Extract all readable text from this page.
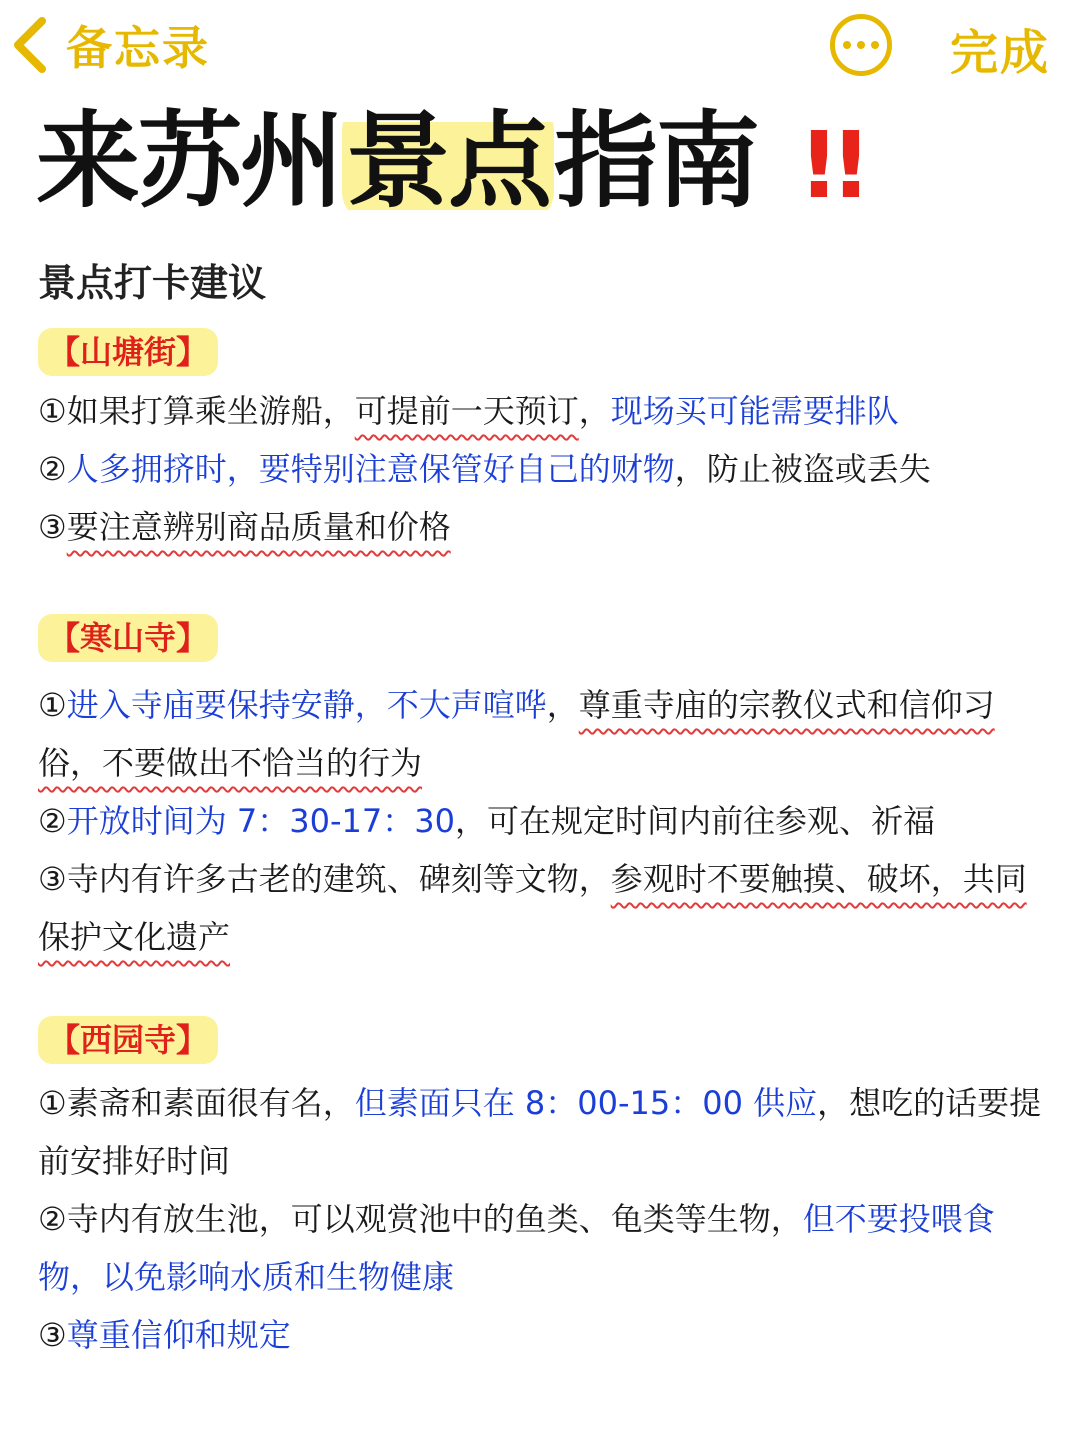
备忘录	完成
来苏州景点指南 !!
景点打卡建议
【山塘街】
①如果打算乘坐游船，可提前一天预订，现场买可能需要排队
②人多拥挤时，要特别注意保管好自己的财物，防止被盗或丢失
③要注意辨别商品质量和价格
【寒山寺】
①进入寺庙要保持安静，不大声喧哗，尊重寺庙的宗教仪式和信仰习俗，不要做出不恰当的行为
②开放时间为 7：30-17：30，可在规定时间内前往参观、祈福
③寺内有许多古老的建筑、碑刻等文物，参观时不要触摸、破坏，共同保护文化遗产
【西园寺】
①素斋和素面很有名，但素面只在 8：00-15：00 供应，想吃的话要提前安排好时间
②寺内有放生池，可以观赏池中的鱼类、龟类等生物，但不要投喂食物，以免影响水质和生物健康
③尊重信仰和规定
